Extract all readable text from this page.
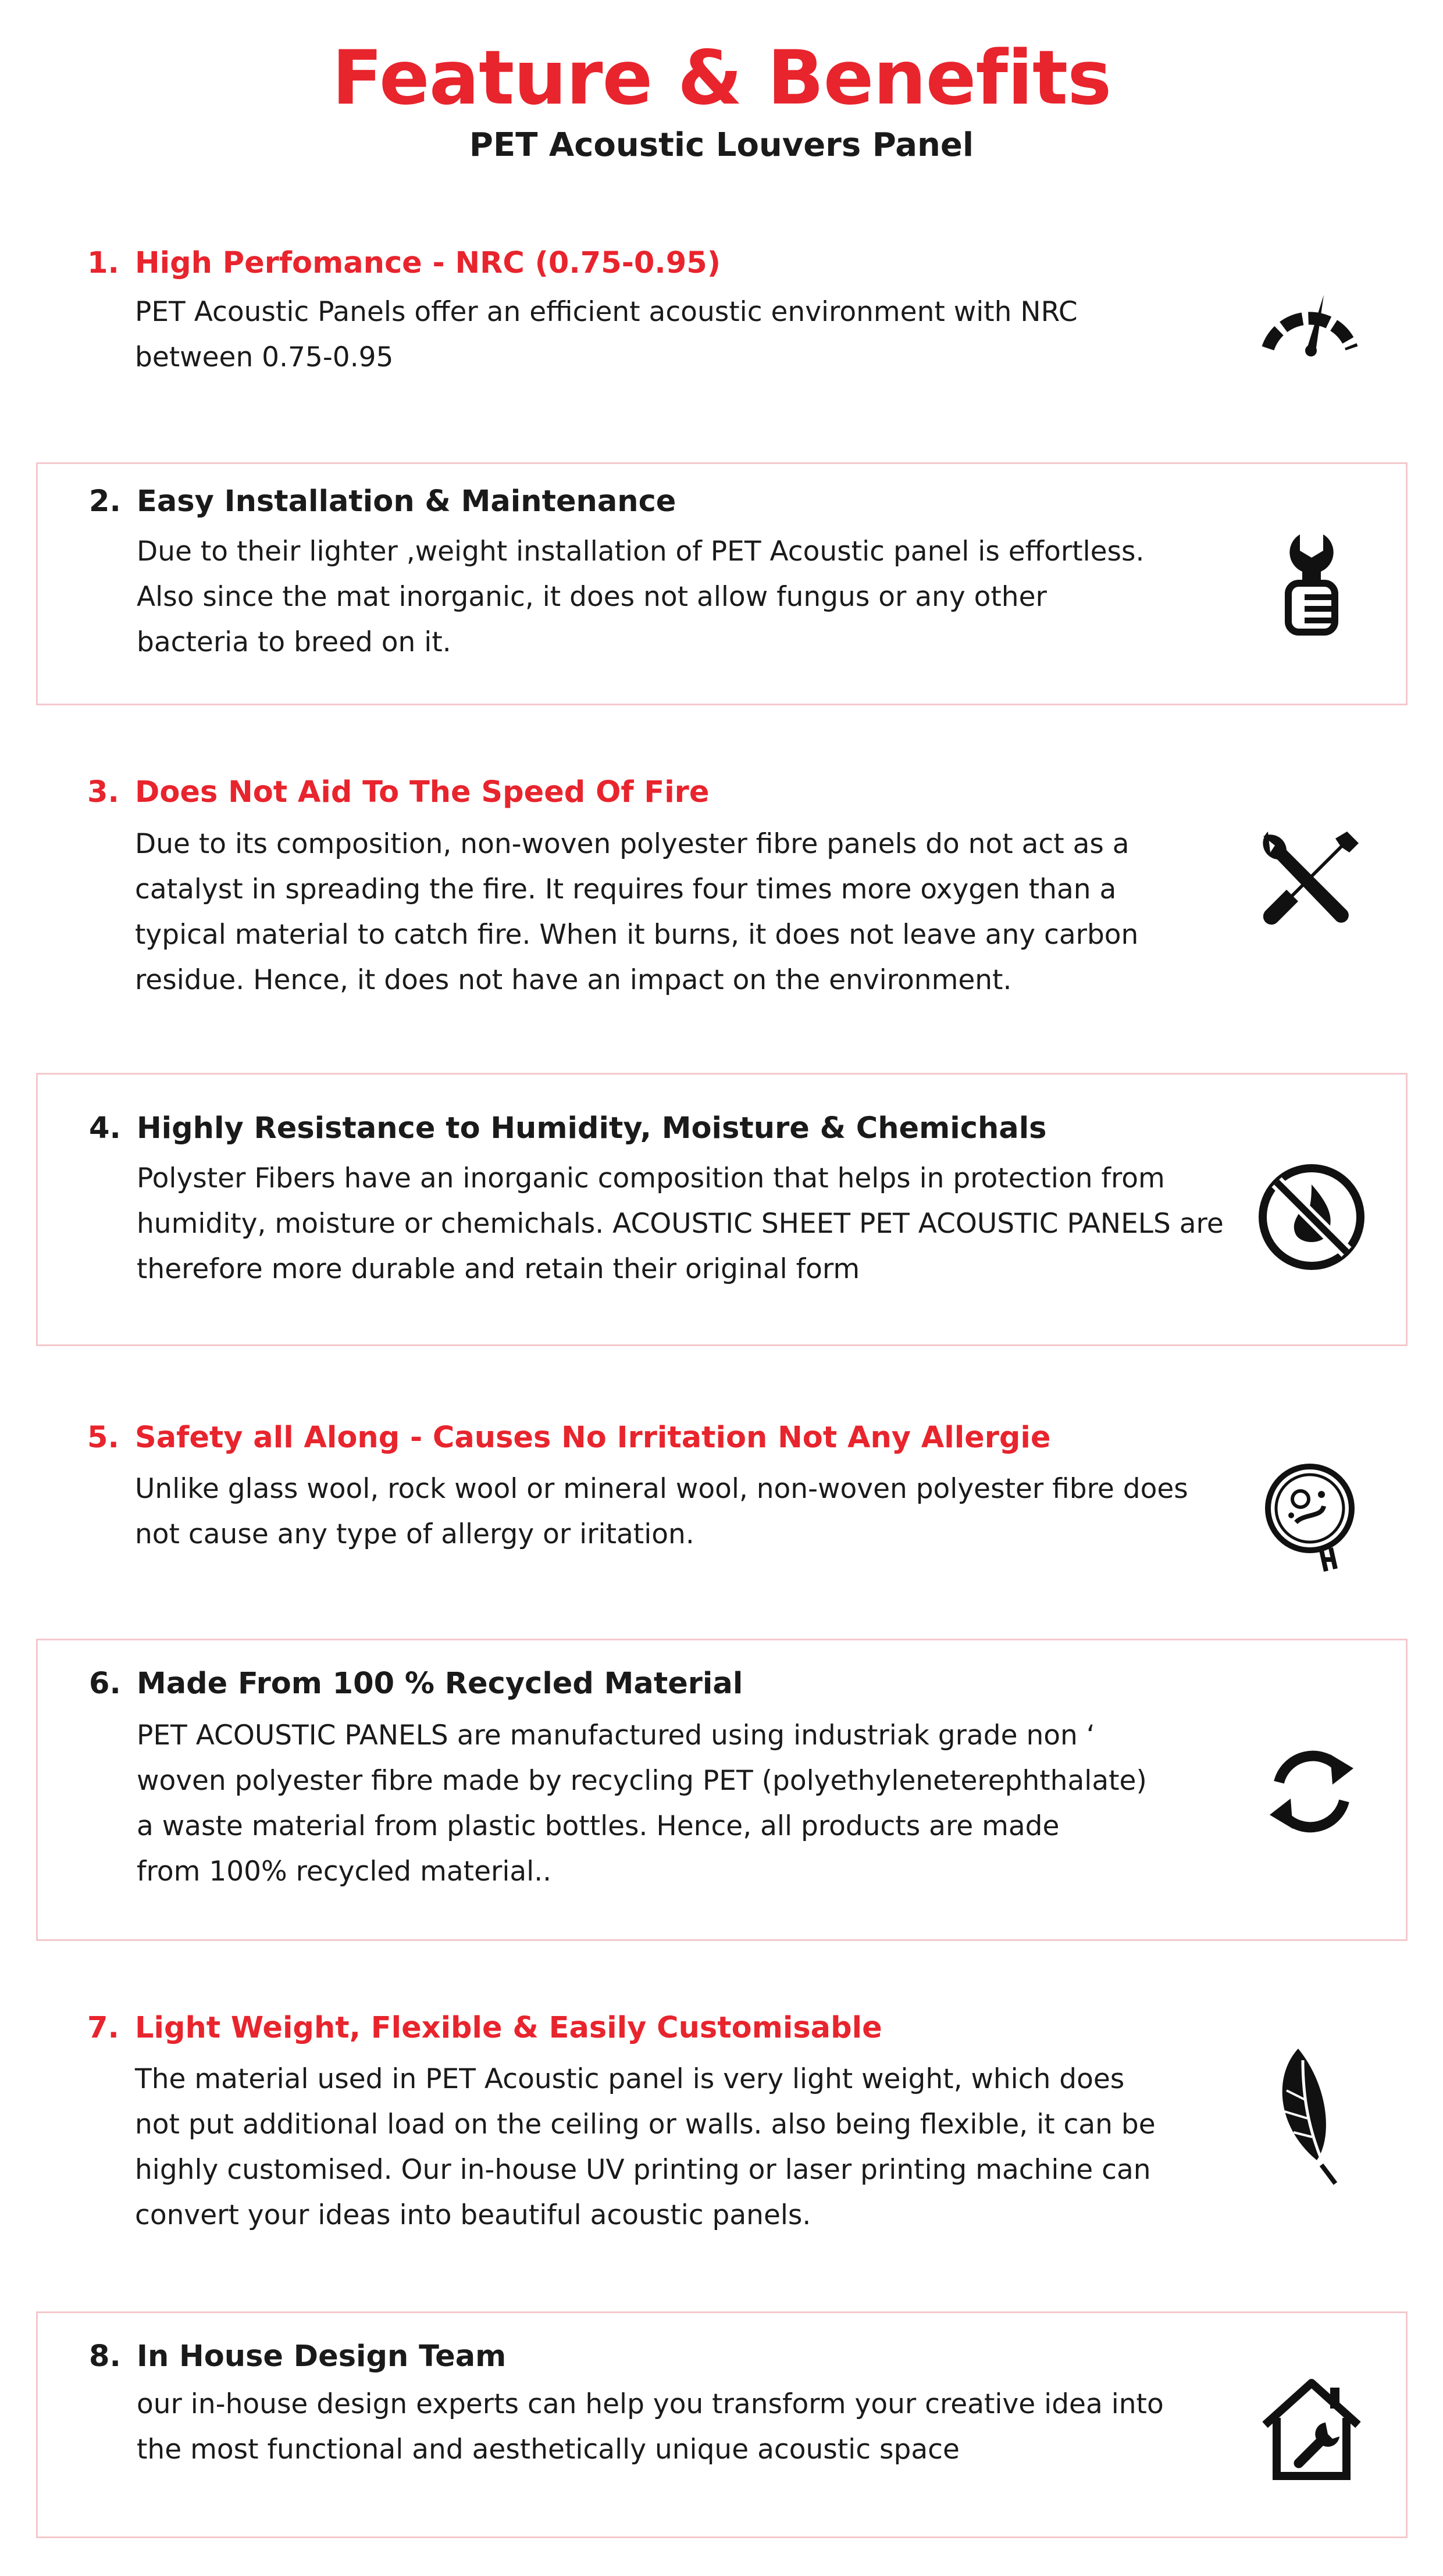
Feature & Benefits
PET Acoustic Louvers Panel
1. High Perfomance - NRC (0.75-0.95)

PET Acoustic Panels offer an efficient acoustic environment with NRC
between 0.75-0.95

2. Easy Installation & Maintenance

Due to their lighter ,weight installation of PET Acoustic panel is effortless.
Also since the mat inorganic, it does not allow fungus or any other
bacteria to breed on it.

3. Does Not Aid To The Speed Of Fire

Due to its composition, non-woven polyester fibre panels do not act as a
catalyst in spreading the fire. It requires four times more oxygen than a
typical material to catch fire. When it burns, it does not leave any carbon
residue. Hence, it does not have an impact on the environment.

4. Highly Resistance to Humidity, Moisture & Chemichals

Polyster Fibers have an inorganic composition that helps in protection from
humidity, moisture or chemichals. ACOUSTIC SHEET PET ACOUSTIC PANELS are
therefore more durable and retain their original form

5. Safety all Along - Causes No Irritation Not Any Allergie

Unlike glass wool, rock wool or mineral wool, non-woven polyester fibre does
not cause any type of allergy or iritation.

6. Made From 100 % Recycled Material

PET ACOUSTIC PANELS are manufactured using industriak grade non ‘
woven polyester fibre made by recycling PET (polyethyleneterephthalate)
a waste material from plastic bottles. Hence, all products are made
from 100% recycled material..

7. Light Weight, Flexible & Easily Customisable

The material used in PET Acoustic panel is very light weight, which does
not put additional load on the ceiling or walls. also being flexible, it can be
highly customised. Our in-house UV printing or laser printing machine can
convert your ideas into beautiful acoustic panels.

8. In House Design Team

our in-house design experts can help you transform your creative idea into
the most functional and aesthetically unique acoustic space
